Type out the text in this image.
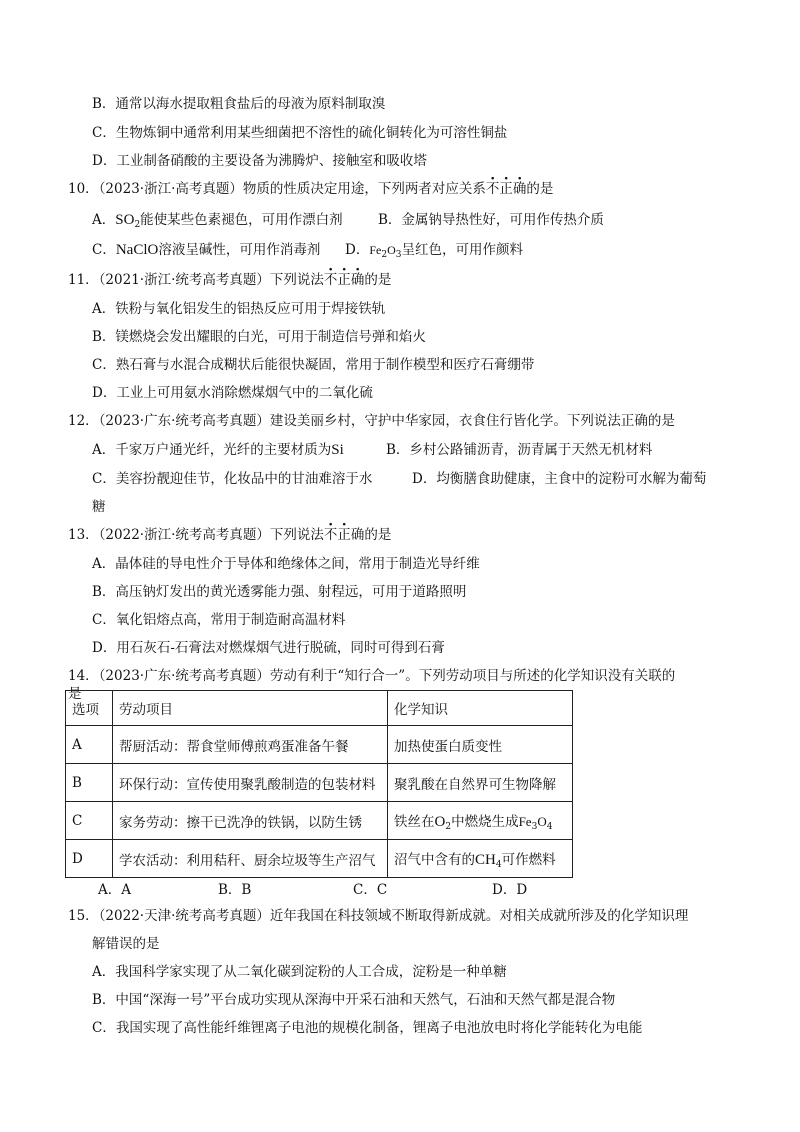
B．通常以海水提取粗食盐后的母液为原料制取溴
C．生物炼铜中通常利用某些细菌把不溶性的硫化铜转化为可溶性铜盐
D．工业制备硝酸的主要设备为沸腾炉、接触室和吸收塔
10．（2023·浙江·高考真题）物质的性质决定用途，下列两者对应关系不正确的是
A．$SO_2$能使某些色素褪色，可用作漂白剂	B．金属钠导热性好，可用作传热介质
C．NaClO溶液呈碱性，可用作消毒剂 D．$Fe_2O_3$呈红色，可用作颜料
11．（2021·浙江·统考高考真题）下列说法不正确的是
A．铁粉与氧化铝发生的铝热反应可用于焊接铁轨
B．镁燃烧会发出耀眼的白光，可用于制造信号弹和焰火
C．熟石膏与水混合成糊状后能很快凝固，常用于制作模型和医疗石膏绷带
D．工业上可用氨水消除燃煤烟气中的二氧化硫
12．（2023·广东·统考高考真题）建设美丽乡村，守护中华家园，衣食住行皆化学。下列说法正确的是
A．千家万户通光纤，光纤的主要材质为Si	B．乡村公路铺沥青，沥青属于天然无机材料
C．美容扮靓迎佳节，化妆品中的甘油难溶于水	D．均衡膳食助健康，主食中的淀粉可水解为葡萄
糖
13．（2022·浙江·统考高考真题）下列说法不正确的是
A．晶体硅的导电性介于导体和绝缘体之间，常用于制造光导纤维
B．高压钠灯发出的黄光透雾能力强、射程远，可用于道路照明
C．氧化铝熔点高，常用于制造耐高温材料
D．用石灰石-石膏法对燃煤烟气进行脱硫，同时可得到石膏
14．（2023·广东·统考高考真题）劳动有利于“知行合一”。下列劳动项目与所述的化学知识没有关联的
是
选项	劳动项目	化学知识
A	帮厨活动：帮食堂师傅煎鸡蛋准备午餐	加热使蛋白质变性
B	环保行动：宣传使用聚乳酸制造的包装材料	聚乳酸在自然界可生物降解
C	家务劳动：擦干已洗净的铁锅，以防生锈	铁丝在$O_2$中燃烧生成$Fe_3O_4$
D	学农活动：利用秸秆、厨余垃圾等生产沼气	沼气中含有的$CH_4$可作燃料
A．A	B．B	C．C	D．D
15．（2022·天津·统考高考真题）近年我国在科技领域不断取得新成就。对相关成就所涉及的化学知识理
解错误的是
A．我国科学家实现了从二氧化碳到淀粉的人工合成，淀粉是一种单糖
B．中国“深海一号”平台成功实现从深海中开采石油和天然气，石油和天然气都是混合物
C．我国实现了高性能纤维锂离子电池的规模化制备，锂离子电池放电时将化学能转化为电能
